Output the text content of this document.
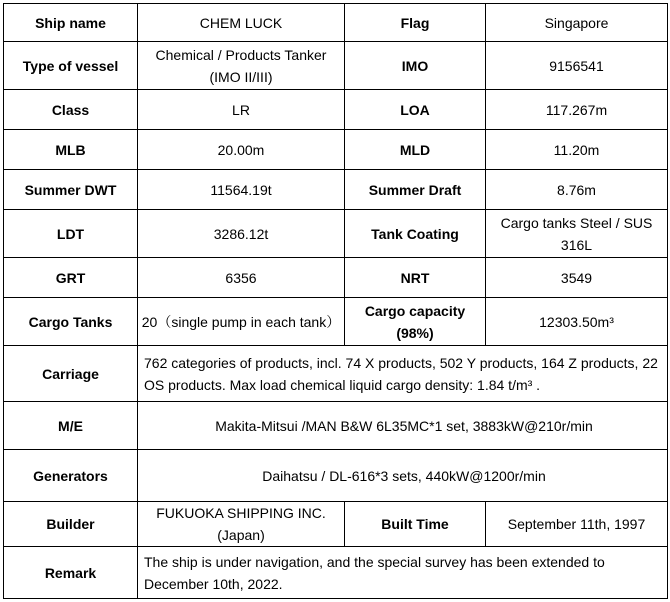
Ship name	CHEM LUCK	Flag	Singapore
Type of vessel	Chemical / Products Tanker (IMO II/III)	IMO	9156541
Class	LR	LOA	117.267m
MLB	20.00m	MLD	11.20m
Summer DWT	11564.19t	Summer Draft	8.76m
LDT	3286.12t	Tank Coating	Cargo tanks Steel / SUS 316L
GRT	6356	NRT	3549
Cargo Tanks	20（single pump in each tank）	Cargo capacity (98%)	12303.50m³
Carriage	762 categories of products, incl. 74 X products, 502 Y products, 164 Z products, 22 OS products. Max load chemical liquid cargo density: 1.84 t/m³ .		
M/E	Makita-Mitsui /MAN B&W 6L35MC*1 set, 3883kW@210r/min		
Generators	Daihatsu / DL-616*3 sets, 440kW@1200r/min		
Builder	FUKUOKA SHIPPING INC.(Japan)	Built Time	September 11th, 1997
Remark	The ship is under navigation, and the special survey has been extended to December 10th, 2022.		
